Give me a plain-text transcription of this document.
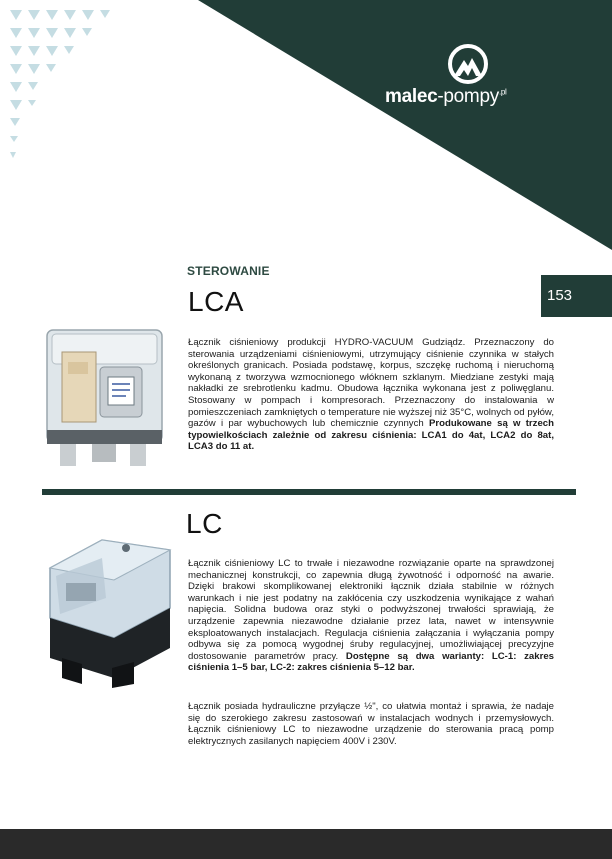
malec-pompy$^{.pl}$
STEROWANIE
153
LCA
Łącznik ciśnieniowy produkcji HYDRO-VACUUM Gudziądz. Przeznaczony do sterowania urządzeniami ciśnieniowymi, utrzymujący ciśnienie czynnika w stałych określonych granicach. Posiada podstawę, korpus, szczękę ruchomą i nieruchomą wykonaną z tworzywa wzmocnionego włóknem szklanym. Miedziane zestyki mają nakładki ze srebrotlenku kadmu. Obudowa łącznika wykonana jest z poliwęglanu. Stosowany w pompach i kompresorach. Przeznaczony do instalowania w pomieszczeniach zamkniętych o temperature nie wyższej niż 35°C, wolnych od pyłów, gazów i par wybuchowych lub chemicznie czynnych Produkowane są w trzech typowielkościach zależnie od zakresu ciśnienia: LCA1 do 4at, LCA2 do 8at, LCA3 do 11 at.
LC
Łącznik ciśnieniowy LC to trwałe i niezawodne rozwiązanie oparte na sprawdzonej mechanicznej konstrukcji, co zapewnia długą żywotność i odporność na awarie. Dzięki brakowi skomplikowanej elektroniki łącznik działa stabilnie w różnych warunkach i nie jest podatny na zakłócenia czy uszkodzenia wynikające z wahań napięcia. Solidna budowa oraz styki o podwyższonej trwałości sprawiają, że urządzenie zapewnia niezawodne działanie przez lata, nawet w intensywnie eksploatowanych instalacjach. Regulacja ciśnienia załączania i wyłączania pompy odbywa się za pomocą wygodnej śruby regulacyjnej, umożliwiającej precyzyjne dostosowanie parametrów pracy. Dostępne są dwa warianty: LC-1: zakres ciśnienia 1–5 bar, LC-2: zakres ciśnienia 5–12 bar.
Łącznik posiada hydrauliczne przyłącze ½", co ułatwia montaż i sprawia, że nadaje się do szerokiego zakresu zastosowań w instalacjach wodnych i przemysłowych. Łącznik ciśnieniowy LC to niezawodne urządzenie do sterowania pracą pomp elektrycznych zasilanych napięciem 400V i 230V.
